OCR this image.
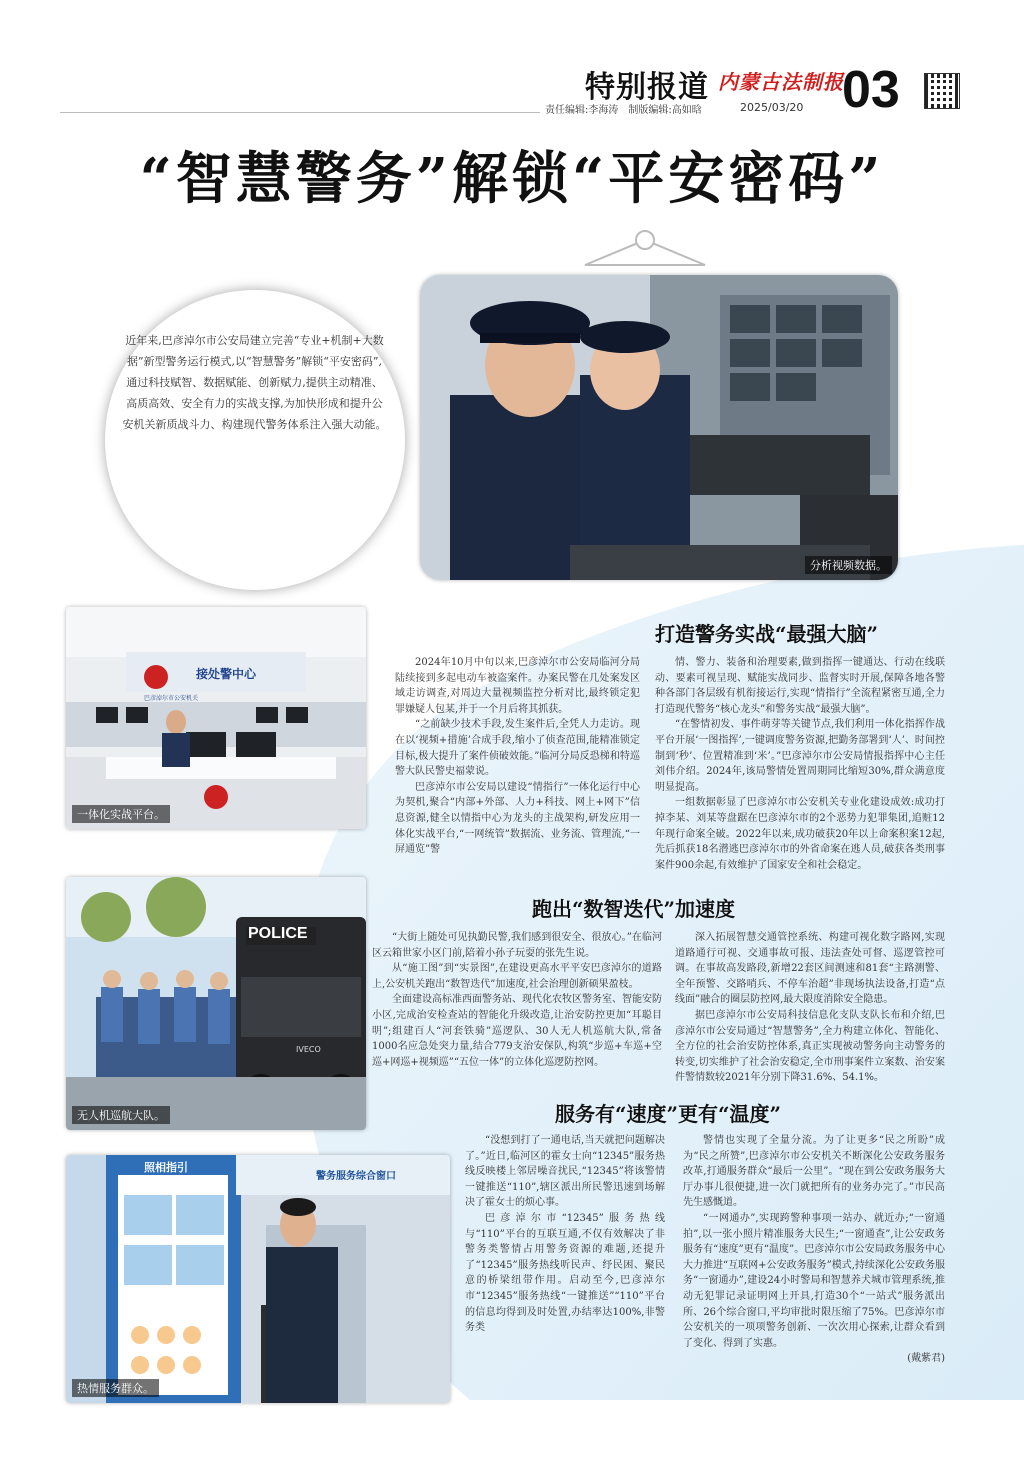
特别报道 内蒙古法制报
03
责任编辑:李海涛　制版编辑:高如晗	2025/03/20
“智慧警务”解锁“平安密码”
近年来,巴彦淖尔市公安局建立完善“专业+机制+大数据”新型警务运行模式,以“智慧警务”解锁“平安密码”,通过科技赋智、数据赋能、创新赋力,提供主动精准、高质高效、安全有力的实战支撑,为加快形成和提升公安机关新质战斗力、构建现代警务体系注入强大动能。
分析视频数据。
接处警中心
巴彦淖尔市公安机关
一体化实战平台。
POLICE
IVECO
无人机巡航大队。
照相指引
警务服务综合窗口
热情服务群众。
打造警务实战“最强大脑”

2024年10月中旬以来,巴彦淖尔市公安局临河分局陆续接到多起电动车被盗案件。办案民警在几处案发区域走访调查,对周边大量视频监控分析对比,最终锁定犯罪嫌疑人包某,并于一个月后将其抓获。

“之前缺少技术手段,发生案件后,全凭人力走访。现在以‘视频+措施’合成手段,缩小了侦查范围,能精准锁定目标,极大提升了案件侦破效能。”临河分局反恐梯和特巡警大队民警史福蒙说。

巴彦淖尔市公安局以建设“情指行”一体化运行中心为契机,聚合“内部+外部、人力+科技、网上+网下”信息资源,健全以情指中心为龙头的主战架构,研发应用一体化实战平台,“一网统管”数据流、业务流、管理流,“一屏通览”警

情、警力、装备和治理要素,做到指挥一键通达、行动在线联动、要素可视呈现、赋能实战同步、监督实时开展,保障各地各警种各部门各层级有机衔接运行,实现“情指行”全流程紧密互通,全力打造现代警务“核心龙头”和警务实战“最强大脑”。

“在警情初发、事件萌芽等关键节点,我们利用一体化指挥作战平台开展‘一图指挥’,一键调度警务资源,把勤务部署到‘人’、时间控制到‘秒’、位置精准到‘米’。”巴彦淖尔市公安局情报指挥中心主任刘伟介绍。2024年,该局警情处置周期同比缩短30%,群众满意度明显提高。

一组数据彰显了巴彦淖尔市公安机关专业化建设成效:成功打掉李某、刘某等盘踞在巴彦淖尔市的2个恶势力犯罪集团,追赃12年现行命案全破。2022年以来,成功破获20年以上命案积案12起,先后抓获18名潜逃巴彦淖尔市的外省命案在逃人员,破获各类刑事案件900余起,有效维护了国家安全和社会稳定。

跑出“数智迭代”加速度

“大街上随处可见执勤民警,我们感到很安全、很放心。”在临河区云箱世家小区门前,陪着小孙子玩耍的张先生说。

从“施工图”到“实景图”,在建设更高水平平安巴彦淖尔的道路上,公安机关跑出“数智迭代”加速度,社会治理创新硕果盈枝。

全面建设高标准西面警务站、现代化农牧区警务室、智能安防小区,完成治安检查站的智能化升级改造,让治安防控更加“耳聪目明”;组建百人“河套铁骑”巡逻队、30人无人机巡航大队,常备1000名应急处突力量,结合779支治安保队,构筑“步巡+车巡+空巡+网巡+视频巡”“五位一体”的立体化巡逻防控网。

深入拓展智慧交通管控系统、构建可视化数字路网,实现道路通行可视、交通事故可报、违法查处可督、巡逻管控可调。在事故高发路段,新增22套区间测速和81套“主路测警、全年预警、交路哨兵、不停车治超”非现场执法设备,打造“点线面”融合的圈层防控网,最大限度消除安全隐患。

据巴彦淖尔市公安局科技信息化支队支队长布和介绍,巴彦淖尔市公安局通过“智慧警务”,全力构建立体化、智能化、全方位的社会治安防控体系,真正实现被动警务向主动警务的转变,切实维护了社会治安稳定,全市刑事案件立案数、治安案件警情数较2021年分别下降31.6%、54.1%。

服务有“速度”更有“温度”

“没想到打了一通电话,当天就把问题解决了。”近日,临河区的霍女士向“12345”服务热线反映楼上邻居噪音扰民,“12345”将该警情一键推送“110”,辖区派出所民警迅速到场解决了霍女士的烦心事。

巴彦淖尔市“12345”服务热线与“110”平台的互联互通,不仅有效解决了非警务类警情占用警务资源的难题,还提升了“12345”服务热线听民声、纾民困、聚民意的桥梁纽带作用。启动至今,巴彦淖尔市“12345”服务热线“一键推送”“110”平台的信息均得到及时处置,办结率达100%,非警务类

警情也实现了全量分流。为了让更多“民之所盼”成为“民之所赞”,巴彦淖尔市公安机关不断深化公安政务服务改革,打通服务群众“最后一公里”。“现在到公安政务服务大厅办事儿很便捷,进一次门就把所有的业务办完了。”市民高先生感慨道。

“一网通办”,实现跨警种事项一站办、就近办;“一窗通拍”,以一张小照片精准服务大民生;“一窗通查”,让公安政务服务有“速度”更有“温度”。巴彦淖尔市公安局政务服务中心大力推进“互联网+公安政务服务”模式,持续深化公安政务服务“一窗通办”,建设24小时警局和智慧养犬城市管理系统,推动无犯罪记录证明网上开具,打造30个“一站式”服务派出所、26个综合窗口,平均审批时限压缩了75%。巴彦淖尔市公安机关的一项项警务创新、一次次用心探索,让群众看到了变化、得到了实惠。

(戴紫君)
